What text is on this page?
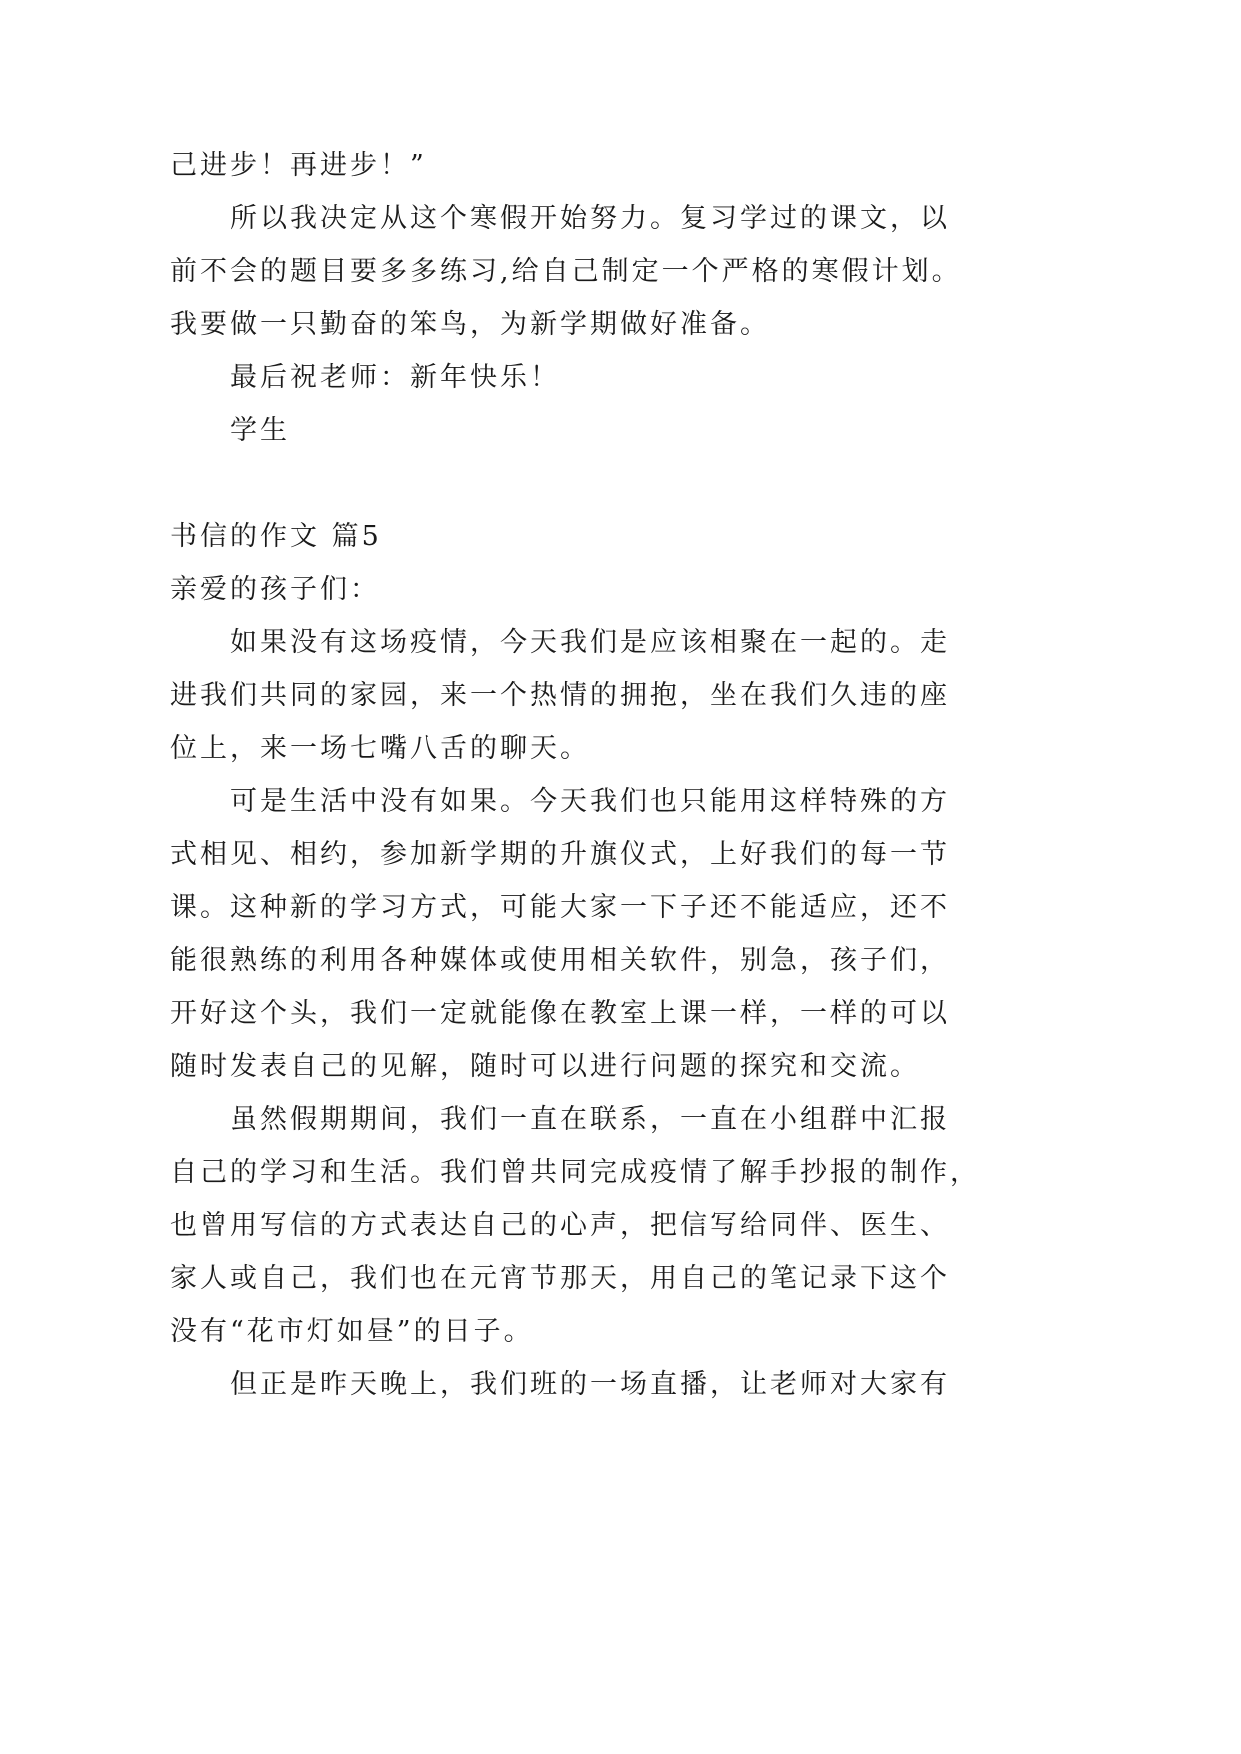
己进步！再进步！”
所以我决定从这个寒假开始努力。复习学过的课文，以
前不会的题目要多多练习,给自己制定一个严格的寒假计划。
我要做一只勤奋的笨鸟，为新学期做好准备。
最后祝老师：新年快乐！
学生
书信的作文 篇5
亲爱的孩子们：
如果没有这场疫情，今天我们是应该相聚在一起的。走
进我们共同的家园，来一个热情的拥抱，坐在我们久违的座
位上，来一场七嘴八舌的聊天。
可是生活中没有如果。今天我们也只能用这样特殊的方
式相见、相约，参加新学期的升旗仪式，上好我们的每一节
课。这种新的学习方式，可能大家一下子还不能适应，还不
能很熟练的利用各种媒体或使用相关软件，别急，孩子们，
开好这个头，我们一定就能像在教室上课一样，一样的可以
随时发表自己的见解，随时可以进行问题的探究和交流。
虽然假期期间，我们一直在联系，一直在小组群中汇报
自己的学习和生活。我们曾共同完成疫情了解手抄报的制作，
也曾用写信的方式表达自己的心声，把信写给同伴、医生、
家人或自己，我们也在元宵节那天，用自己的笔记录下这个
没有“花市灯如昼”的日子。
但正是昨天晚上，我们班的一场直播，让老师对大家有
